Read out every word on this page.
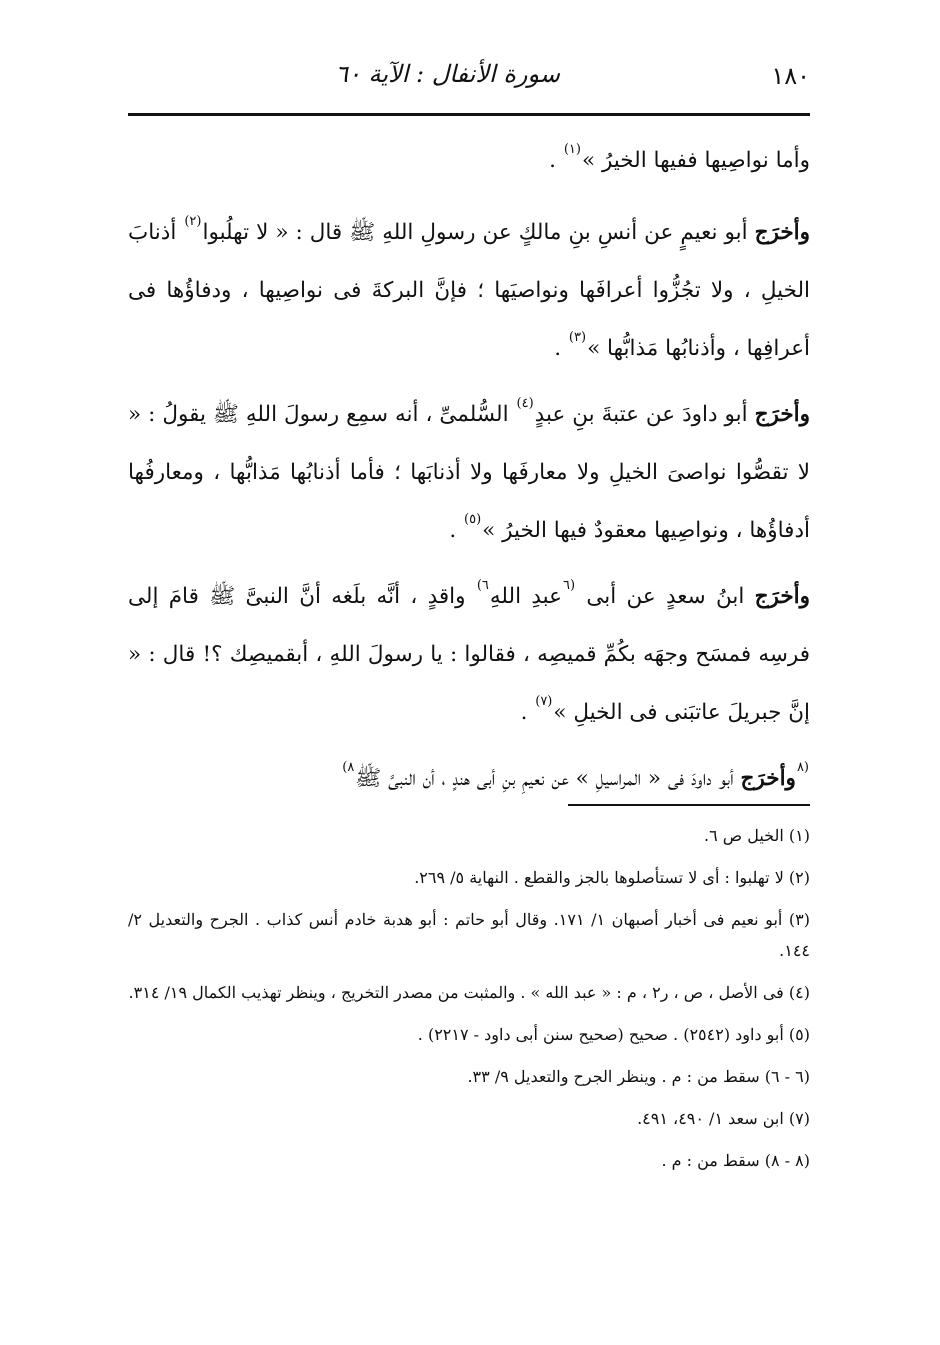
١٨٠
سورة الأنفال : الآية ٦٠

وأما نواصِيها ففيها الخيرُ »$^{(١)}$ .

وأخرَج أبو نعيمٍ عن أنسِ بنِ مالكٍ عن رسولِ اللهِ ﷺ قال : « لا تهلُبوا$^{(٢)}$ أذنابَ الخيلِ ، ولا تجُزُّوا أعرافَها ونواصيَها ؛ فإنَّ البركةَ فى نواصِيها ، ودفاؤُها فى أعرافِها ، وأذنابُها مَذابُّها »$^{(٣)}$ .

وأخرَج أبو داودَ عن عتبةَ بنِ عبدٍ$^{(٤)}$ السُّلمىِّ ، أنه سمِع رسولَ اللهِ ﷺ يقولُ : « لا تقصُّوا نواصىَ الخيلِ ولا معارفَها ولا أذنابَها ؛ فأما أذنابُها مَذابُّها ، ومعارفُها أدفاؤُها ، ونواصِيها معقودٌ فيها الخيرُ »$^{(٥)}$ .

وأخرَج ابنُ سعدٍ عن أبى $^{(٦}$عبدِ اللهِ$^{٦)}$ واقدٍ ، أنَّه بلَغه أنَّ النبىَّ ﷺ قامَ إلى فرسِه فمسَح وجهَه بكُمِّ قميصِه ، فقالوا : يا رسولَ اللهِ ، أبقميصِك ؟! قال : « إنَّ جبريلَ عاتبَنى فى الخيلِ »$^{(٧)}$ .

$^{(٨}$وأخرَج أبو داودَ فى « المراسيلِ » عن نعيمِ بنِ أبى هندٍ ، أن النبىَّ ﷺ$^{٨)}$

(١) الخيل ص ٦.

(٢) لا تهلبوا : أى لا تستأصلوها بالجز والقطع . النهاية ٥/ ٢٦٩.

(٣) أبو نعيم فى أخبار أصبهان ١/ ١٧١. وقال أبو حاتم : أبو هدبة خادم أنس كذاب . الجرح والتعديل ٢/ ١٤٤.

(٤) فى الأصل ، ص ، ر٢ ، م : « عبد الله » . والمثبت من مصدر التخريج ، وينظر تهذيب الكمال ١٩/ ٣١٤.

(٥) أبو داود (٢٥٤٢) . صحيح (صحيح سنن أبى داود - ٢٢١٧) .

(٦ - ٦) سقط من : م . وينظر الجرح والتعديل ٩/ ٣٣.

(٧) ابن سعد ١/ ٤٩٠، ٤٩١.

(٨ - ٨) سقط من : م .
